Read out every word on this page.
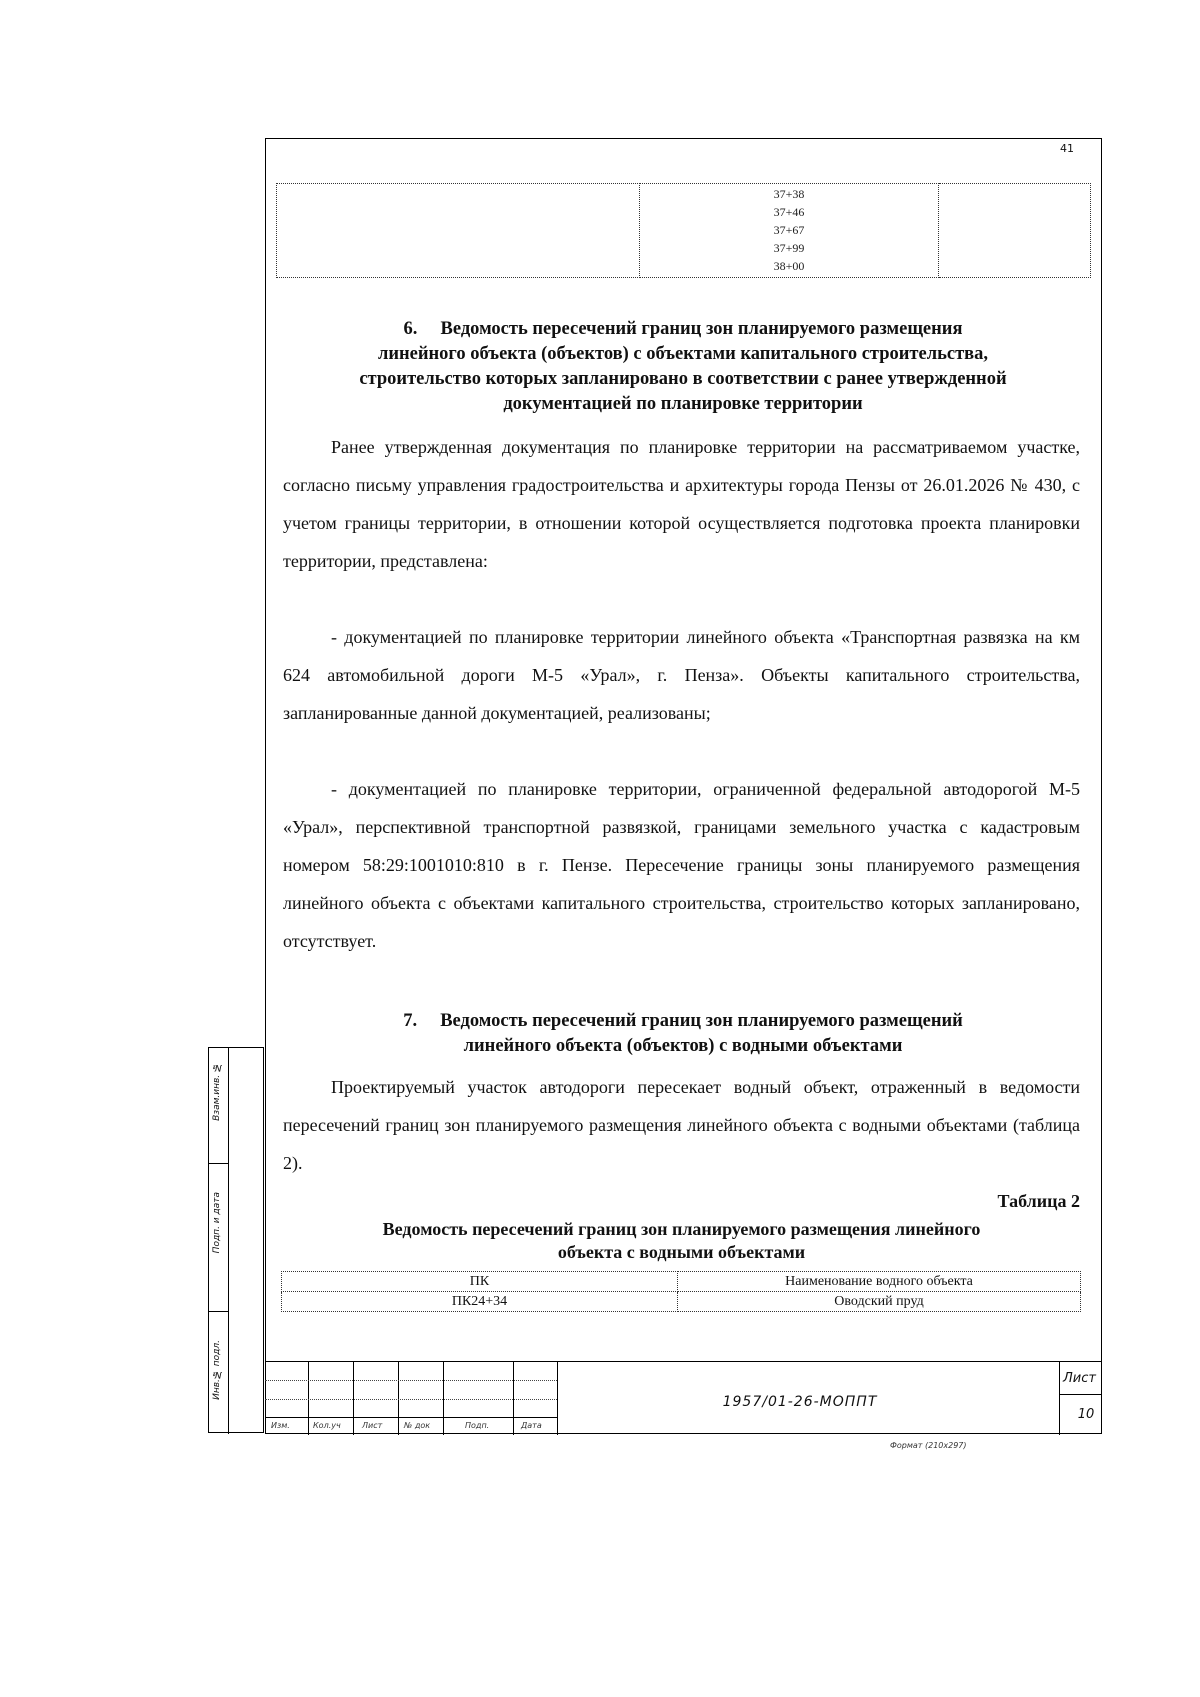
41

37+38
37+46
37+67
37+99
38+00

6. Ведомость пересечений границ зон планируемого размещения
линейного объекта (объектов) с объектами капитального строительства,
строительство которых запланировано в соответствии с ранее утвержденной
документацией по планировке территории
Ранее утвержденная документация по планировке территории на рассматриваемом участке, согласно письму управления градостроительства и архитектуры города Пензы от 26.01.2026 № 430, с учетом границы территории, в отношении которой осуществляется подготовка проекта планировки территории, представлена:
- документацией по планировке территории линейного объекта «Транспортная развязка на км 624 автомобильной дороги М-5 «Урал», г. Пенза». Объекты капитального строительства, запланированные данной документацией, реализованы;
- документацией по планировке территории, ограниченной федеральной автодорогой М-5 «Урал», перспективной транспортной развязкой, границами земельного участка с кадастровым номером 58:29:1001010:810 в г. Пензе. Пересечение границы зоны планируемого размещения линейного объекта с объектами капитального строительства, строительство которых запланировано, отсутствует.
7. Ведомость пересечений границ зон планируемого размещений
линейного объекта (объектов) с водными объектами
Проектируемый участок автодороги пересекает водный объект, отраженный в ведомости пересечений границ зон планируемого размещения линейного объекта с водными объектами (таблица 2).
Таблица 2
Ведомость пересечений границ зон планируемого размещения линейного
объекта с водными объектами
ПК	Наименование водного объекта
ПК24+34	Оводский пруд
Взам.инв. №
Подп. и дата
Инв.№ подл.
Изм.	Кол.уч	Лист	№ док	Подп.	Дата
Лист
10
1957/01-26-МОППТ
Формат (210х297)
